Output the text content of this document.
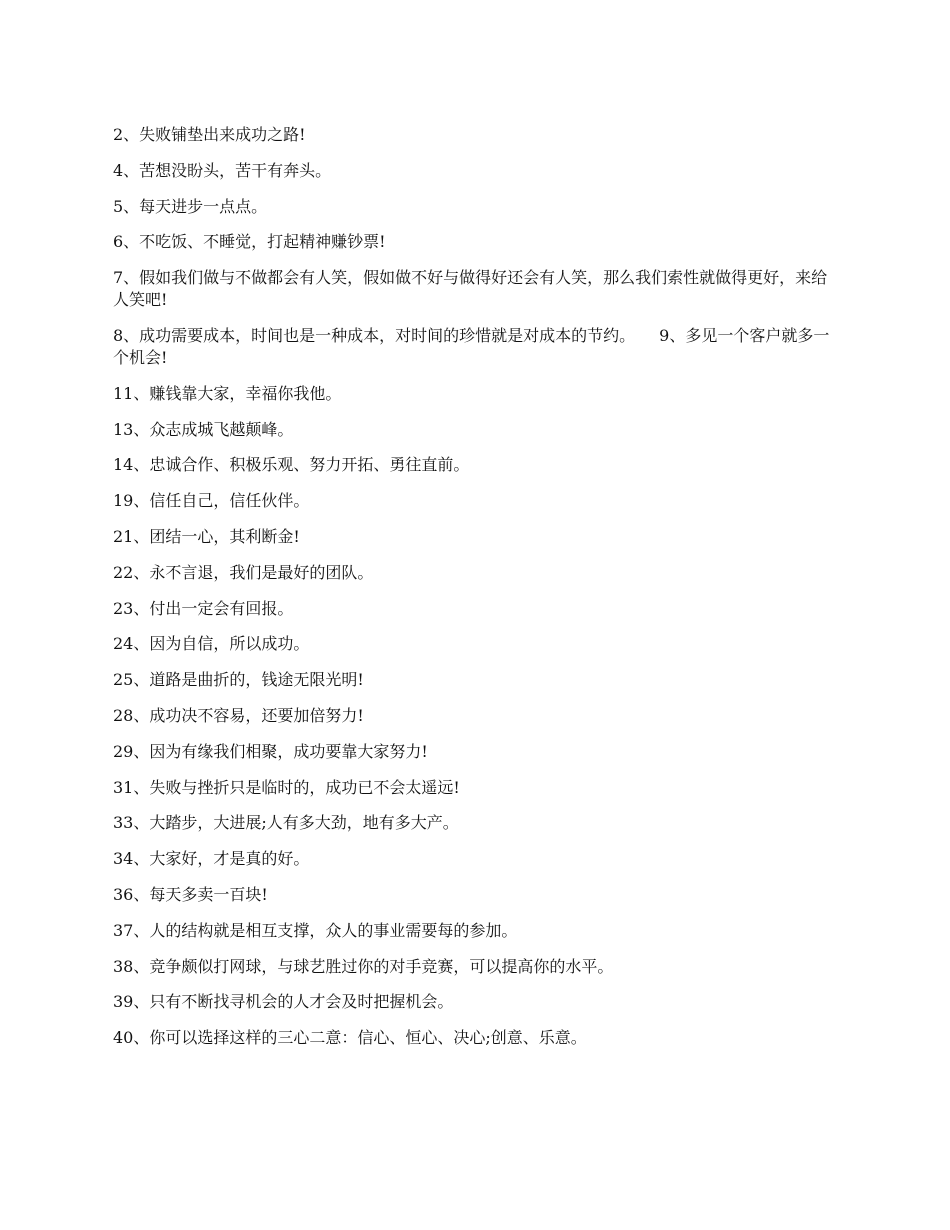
2、失败铺垫出来成功之路!

4、苦想没盼头，苦干有奔头。

5、每天进步一点点。

6、不吃饭、不睡觉，打起精神赚钞票!

7、假如我们做与不做都会有人笑，假如做不好与做得好还会有人笑，那么我们索性就做得更好，来给人笑吧!

8、成功需要成本，时间也是一种成本，对时间的珍惜就是对成本的节约。　　9、多见一个客户就多一个机会!

11、赚钱靠大家，幸福你我他。

13、众志成城飞越颠峰。

14、忠诚合作、积极乐观、努力开拓、勇往直前。

19、信任自己，信任伙伴。

21、团结一心，其利断金!

22、永不言退，我们是最好的团队。

23、付出一定会有回报。

24、因为自信，所以成功。

25、道路是曲折的，钱途无限光明!

28、成功决不容易，还要加倍努力!

29、因为有缘我们相聚，成功要靠大家努力!

31、失败与挫折只是临时的，成功已不会太遥远!

33、大踏步，大进展;人有多大劲，地有多大产。

34、大家好，才是真的好。

36、每天多卖一百块!

37、人的结构就是相互支撑，众人的事业需要每的参加。

38、竞争颇似打网球，与球艺胜过你的对手竞赛，可以提高你的水平。

39、只有不断找寻机会的人才会及时把握机会。

40、你可以选择这样的三心二意：信心、恒心、决心;创意、乐意。
